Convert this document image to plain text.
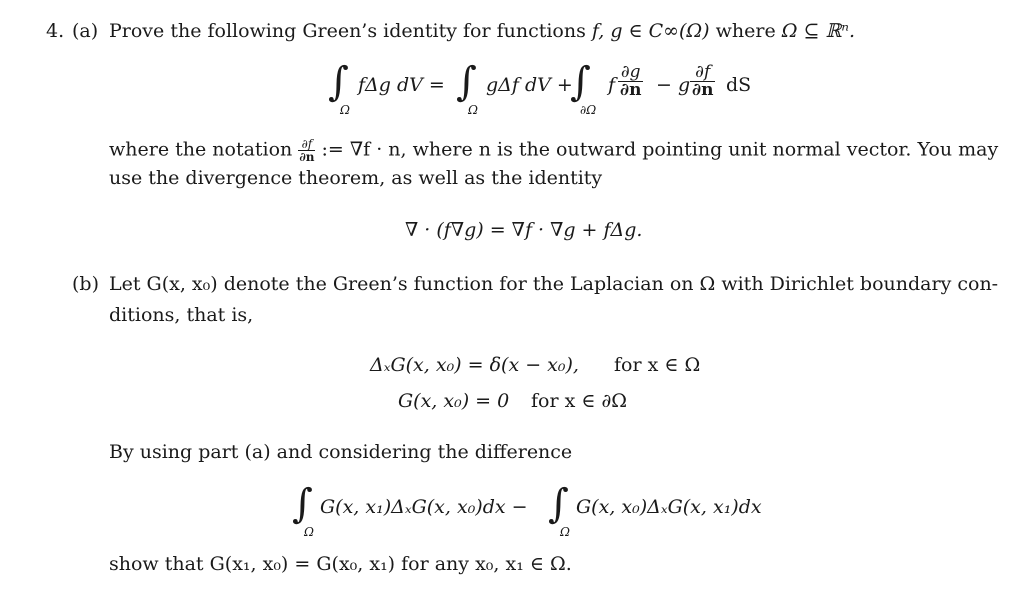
4. (a) Prove the following Green’s identity for functions f, g ∈ C∞(Ω) where Ω ⊆ ℝⁿ.
∫
Ω
fΔg dV = ∫
Ω
gΔf dV +
∫
∂Ω
f $\frac{\partial g}{\partial n} - g \frac{\partial f}{\partial n}$ dS
where the notation $\frac{\partial f}{\partial n}$ := ∇f · n, where n is the outward pointing unit normal vector. You may
use the divergence theorem, as well as the identity
∇ · (f∇g) = ∇f · ∇g + fΔg.
(b) Let G(x, x₀) denote the Green’s function for the Laplacian on Ω with Dirichlet boundary con-
ditions, that is,
ΔₓG(x, x₀) = δ(x − x₀), for x ∈ Ω
G(x, x₀) = 0 for x ∈ ∂Ω
By using part (a) and considering the difference
∫
Ω
G(x, x₁)ΔₓG(x, x₀)dx − ∫
Ω
G(x, x₀)ΔₓG(x, x₁)dx
show that G(x₁, x₀) = G(x₀, x₁) for any x₀, x₁ ∈ Ω.
